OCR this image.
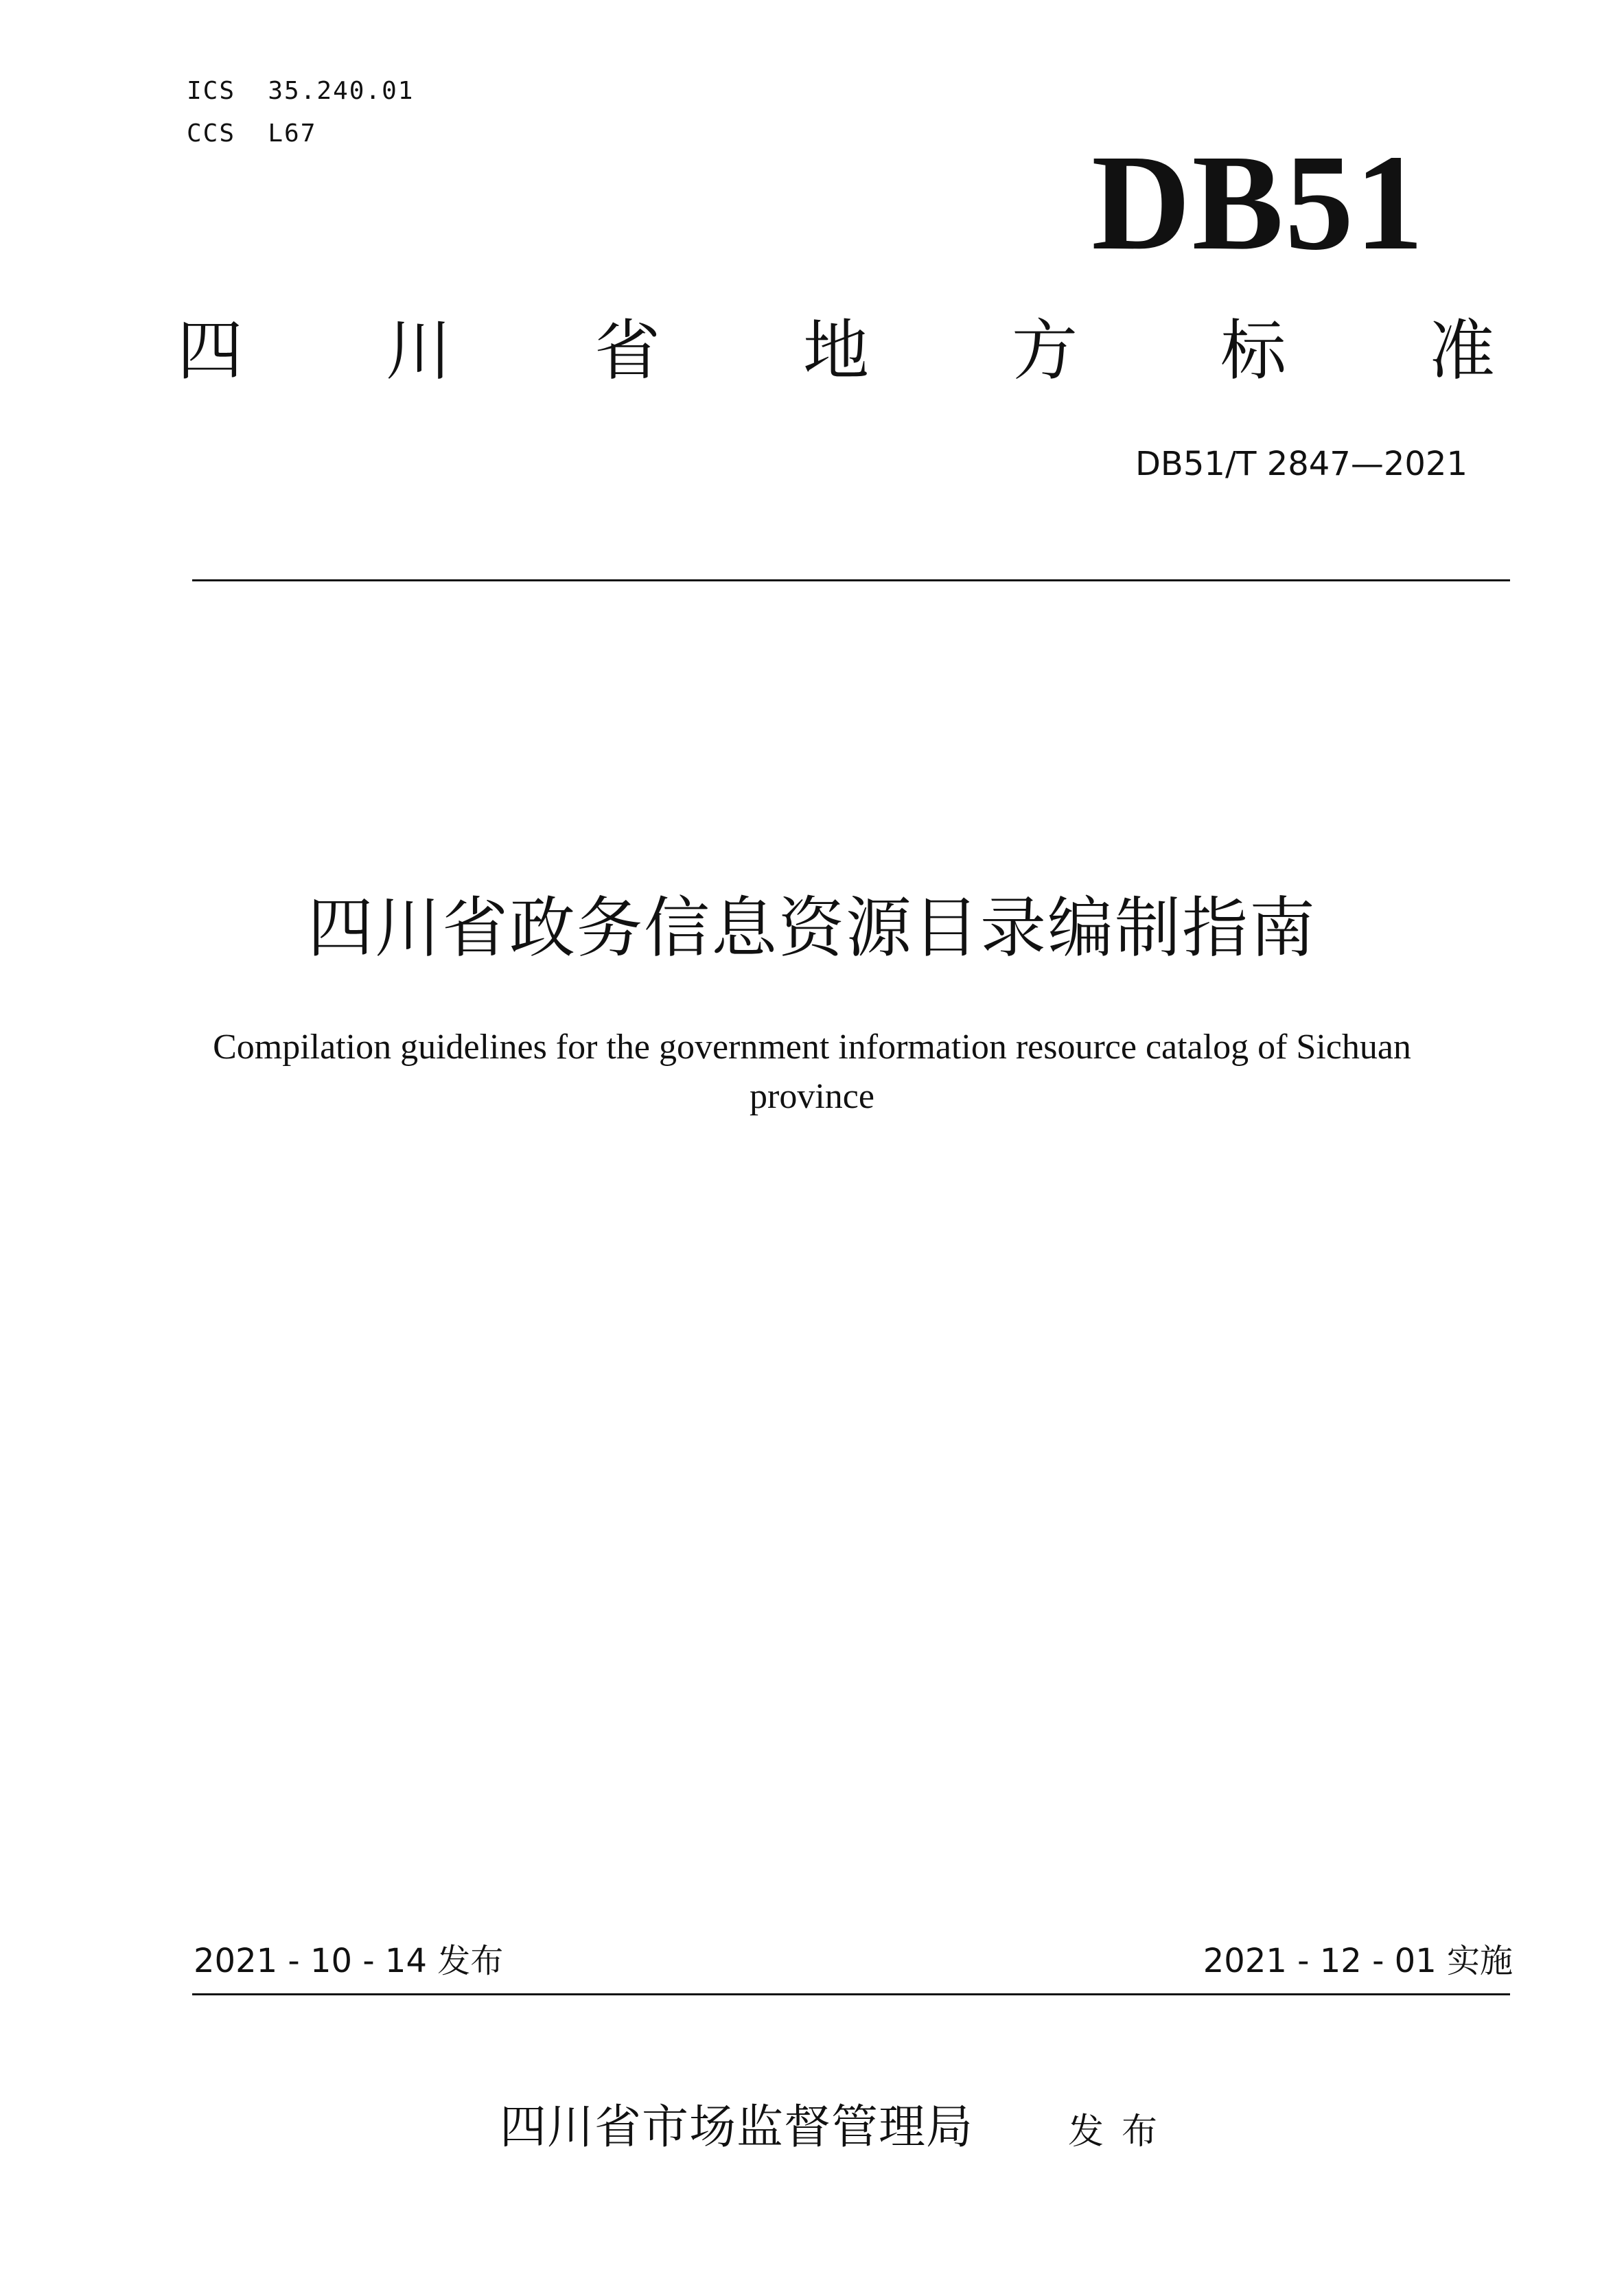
ICS  35.240.01
CCS  L67	DB51
四 川 省 地 方 标 准
DB51/T 2847—2021
四川省政务信息资源目录编制指南
Compilation guidelines for the government information resource catalog of Sichuan province
2021 - 10 - 14 发布	2021 - 12 - 01 实施
四川省市场监督管理局	发布
